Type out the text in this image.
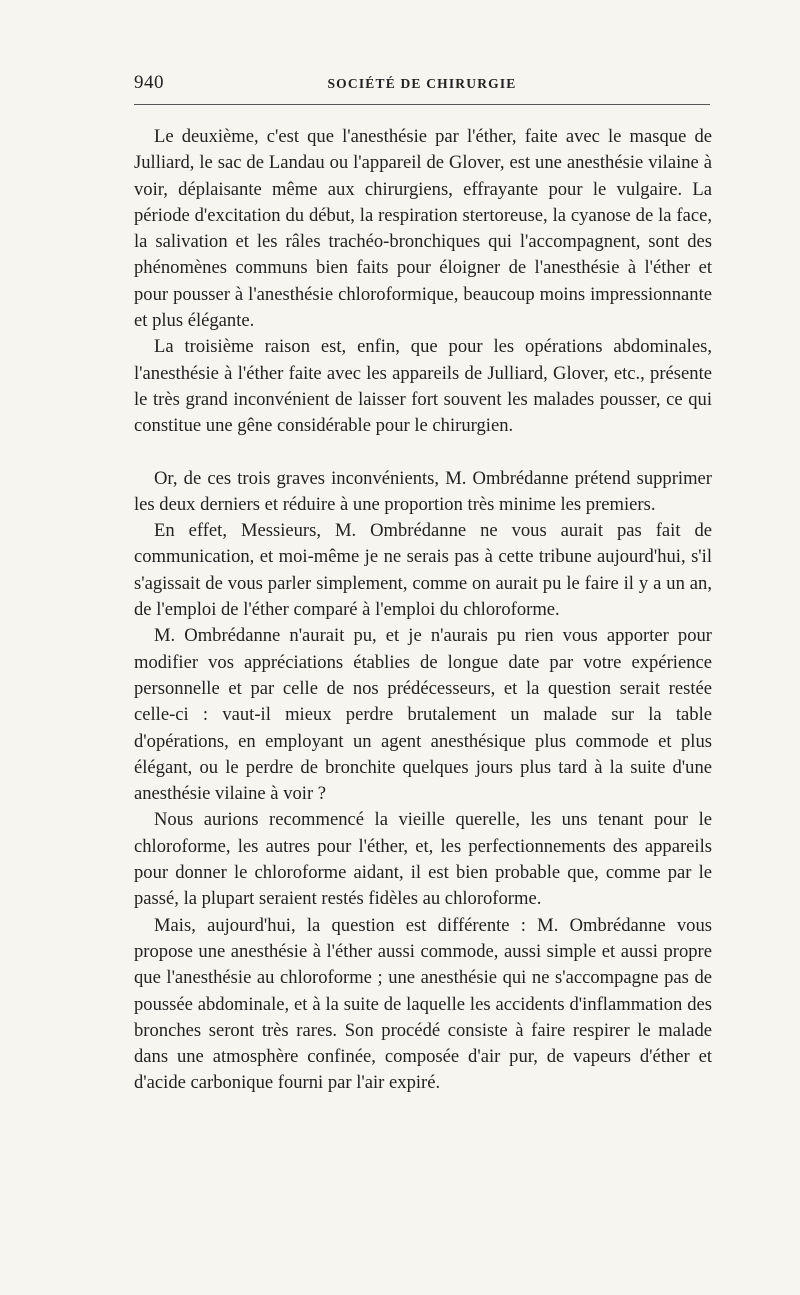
940	SOCIÉTÉ DE CHIRURGIE

Le deuxième, c'est que l'anesthésie par l'éther, faite avec le masque de Julliard, le sac de Landau ou l'appareil de Glover, est une anesthésie vilaine à voir, déplaisante même aux chirurgiens, effrayante pour le vulgaire. La période d'excitation du début, la respiration stertoreuse, la cyanose de la face, la salivation et les râles trachéo-bronchiques qui l'accompagnent, sont des phénomènes communs bien faits pour éloigner de l'anesthésie à l'éther et pour pousser à l'anesthésie chloroformique, beaucoup moins impressionnante et plus élégante.

La troisième raison est, enfin, que pour les opérations abdominales, l'anesthésie à l'éther faite avec les appareils de Julliard, Glover, etc., présente le très grand inconvénient de laisser fort souvent les malades pousser, ce qui constitue une gêne considérable pour le chirurgien.

Or, de ces trois graves inconvénients, M. Ombrédanne prétend supprimer les deux derniers et réduire à une proportion très minime les premiers.

En effet, Messieurs, M. Ombrédanne ne vous aurait pas fait de communication, et moi-même je ne serais pas à cette tribune aujourd'hui, s'il s'agissait de vous parler simplement, comme on aurait pu le faire il y a un an, de l'emploi de l'éther comparé à l'emploi du chloroforme.

M. Ombrédanne n'aurait pu, et je n'aurais pu rien vous apporter pour modifier vos appréciations établies de longue date par votre expérience personnelle et par celle de nos prédécesseurs, et la question serait restée celle-ci : vaut-il mieux perdre brutalement un malade sur la table d'opérations, en employant un agent anesthésique plus commode et plus élégant, ou le perdre de bronchite quelques jours plus tard à la suite d'une anesthésie vilaine à voir ?

Nous aurions recommencé la vieille querelle, les uns tenant pour le chloroforme, les autres pour l'éther, et, les perfectionnements des appareils pour donner le chloroforme aidant, il est bien probable que, comme par le passé, la plupart seraient restés fidèles au chloroforme.

Mais, aujourd'hui, la question est différente : M. Ombrédanne vous propose une anesthésie à l'éther aussi commode, aussi simple et aussi propre que l'anesthésie au chloroforme ; une anesthésie qui ne s'accompagne pas de poussée abdominale, et à la suite de laquelle les accidents d'inflammation des bronches seront très rares. Son procédé consiste à faire respirer le malade dans une atmosphère confinée, composée d'air pur, de vapeurs d'éther et d'acide carbonique fourni par l'air expiré.
